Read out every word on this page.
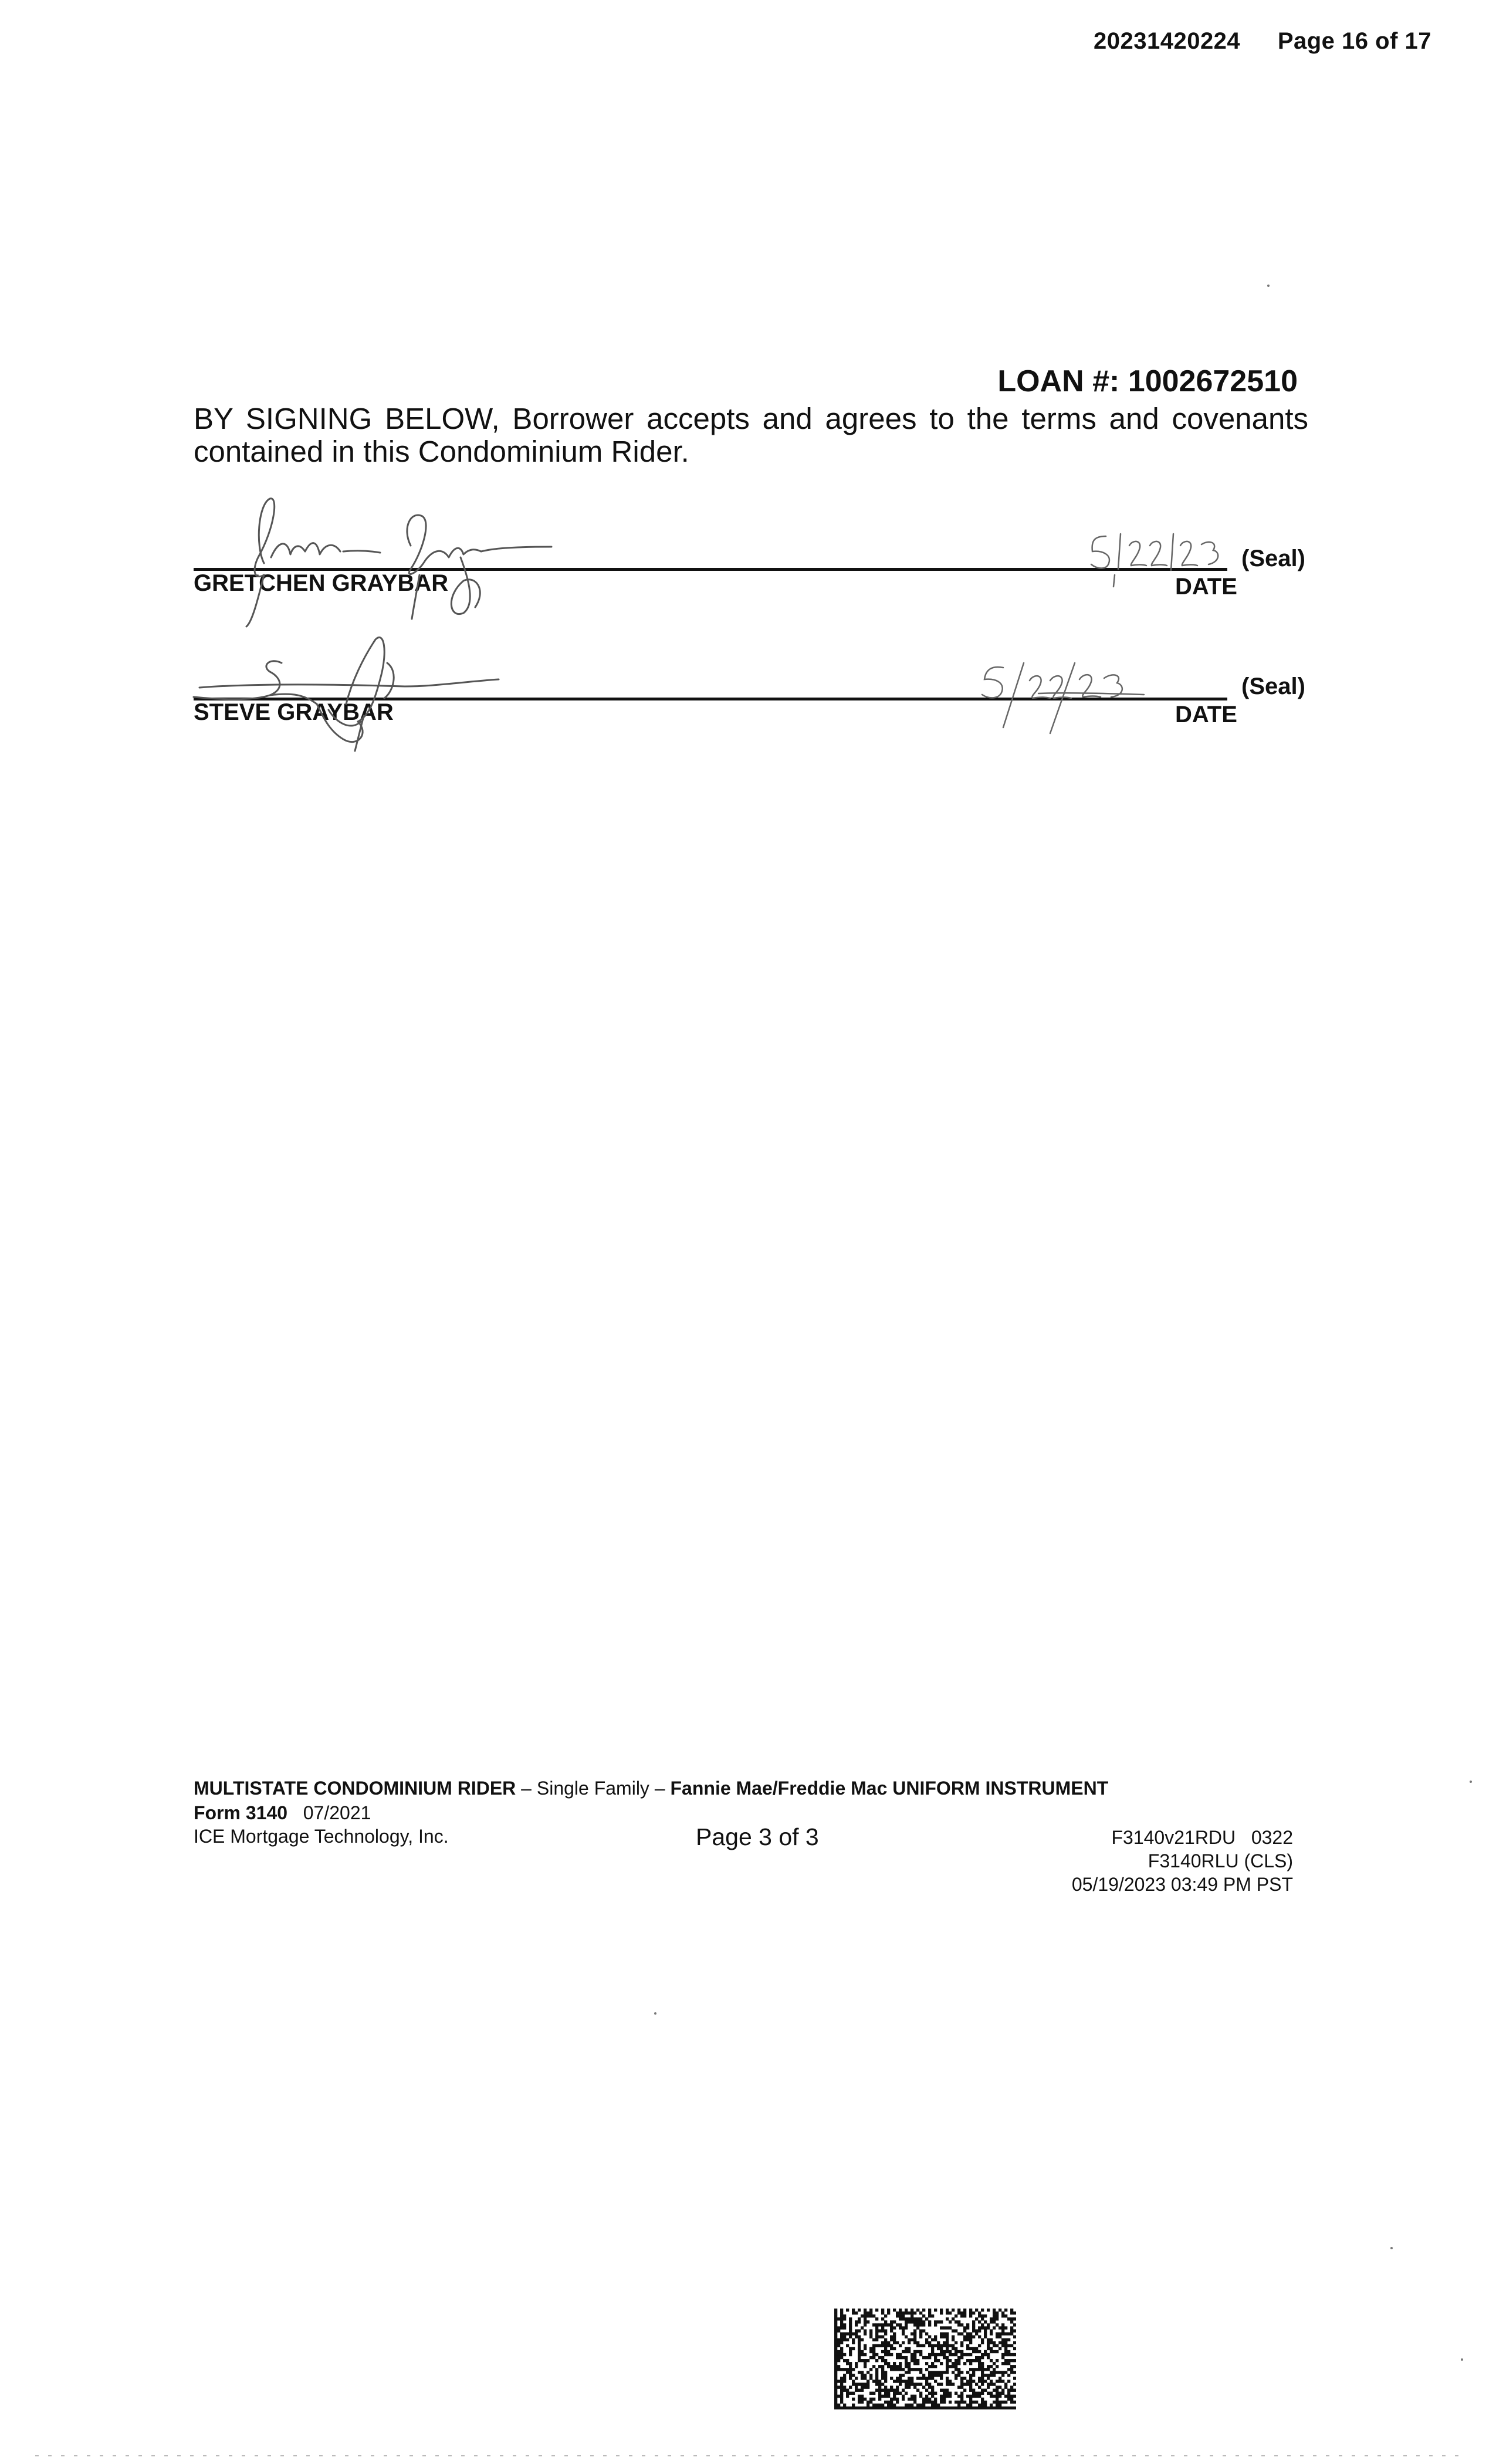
20231420224 Page 16 of 17
LOAN #: 1002672510
BY SIGNING BELOW, Borrower accepts and agrees to the terms and covenants contained in this Condominium Rider.
GRETCHEN GRAYBAR	DATE
(Seal)
STEVE GRAYBAR	DATE
(Seal)
MULTISTATE CONDOMINIUM RIDER – Single Family – Fannie Mae/Freddie Mac UNIFORM INSTRUMENT
Form 3140 07/2021
ICE Mortgage Technology, Inc.	Page 3 of 3	F3140v21RDU 0322
F3140RLU (CLS)
05/19/2023 03:49 PM PST
